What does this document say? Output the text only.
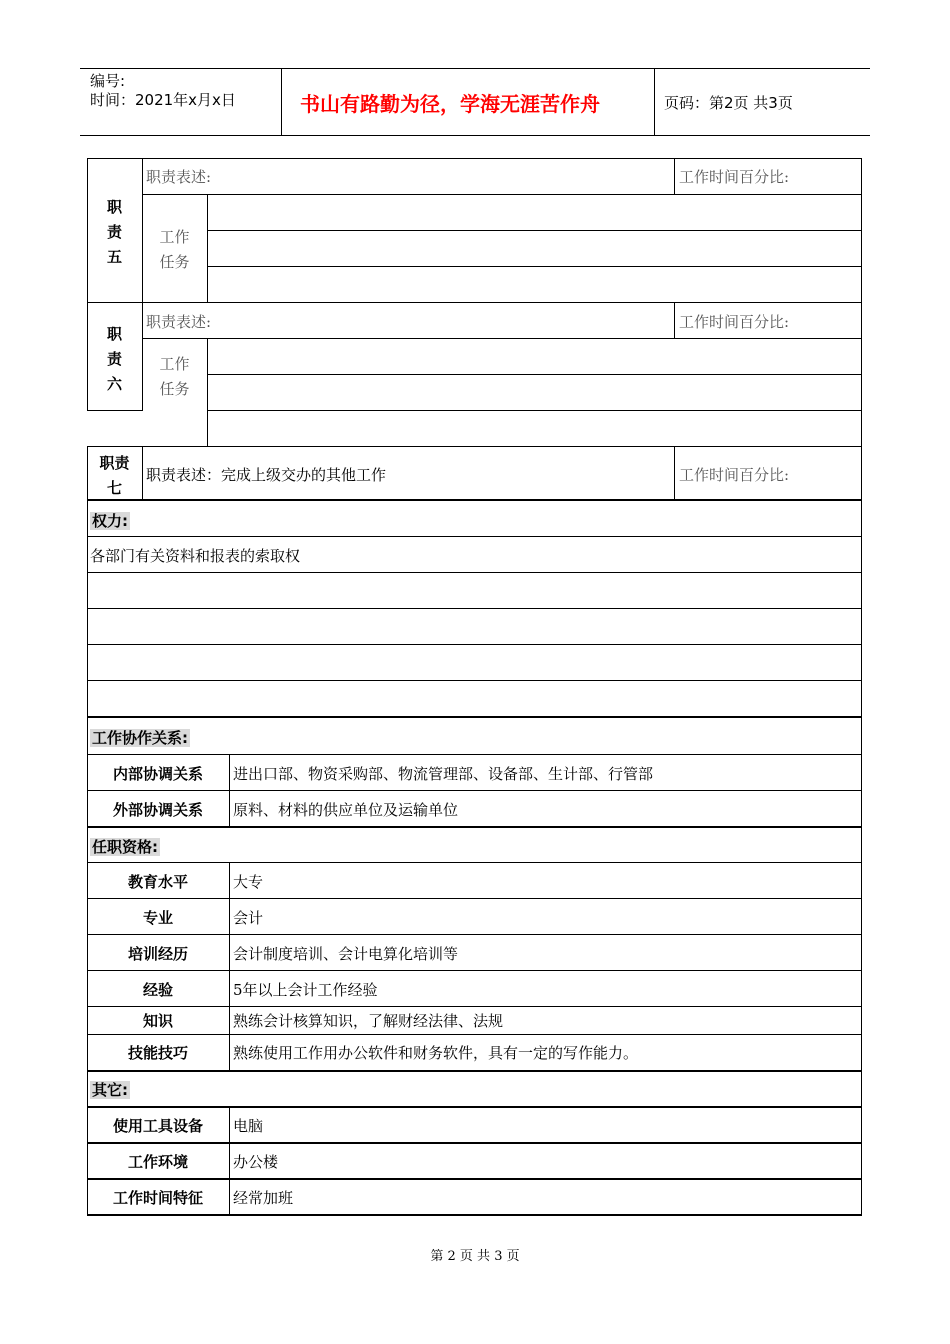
编号:
时间：2021年x月x日	书山有路勤为径，学海无涯苦作舟	页码：第2页 共3页
职
责
五
职责表述:	工作时间百分比:
工作
任务
职
责
六
职责表述:	工作时间百分比:
工作
任务
职责
七
职责表述：完成上级交办的其他工作	工作时间百分比:
权力:
各部门有关资料和报表的索取权
工作协作关系:
内部协调关系	进出口部、物资采购部、物流管理部、设备部、生计部、行管部
外部协调关系	原料、材料的供应单位及运输单位
任职资格:
教育水平	大专
专业	会计
培训经历	会计制度培训、会计电算化培训等
经验	5年以上会计工作经验
知识	熟练会计核算知识，了解财经法律、法规
技能技巧	熟练使用工作用办公软件和财务软件，具有一定的写作能力。
其它:
使用工具设备	电脑
工作环境	办公楼
工作时间特征	经常加班
第 2 页 共 3 页
